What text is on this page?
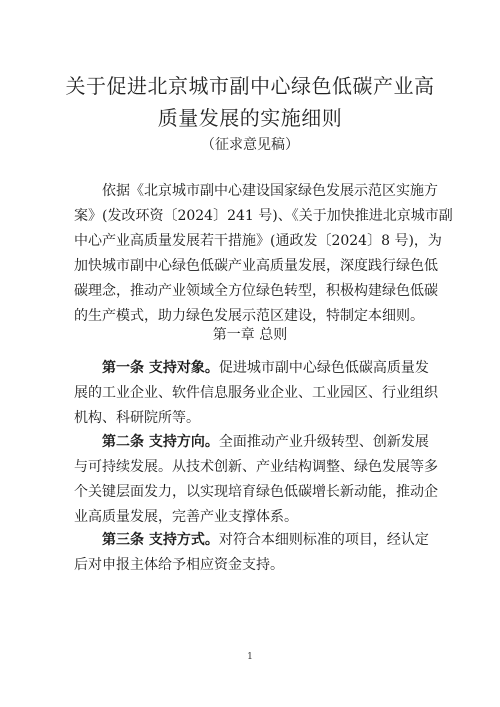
关于促进北京城市副中心绿色低碳产业高
质量发展的实施细则
（征求意见稿）
依据《北京城市副中心建设国家绿色发展示范区实施方
案》(发改环资〔2024〕241 号)、《关于加快推进北京城市副
中心产业高质量发展若干措施》(通政发〔2024〕8 号)，为
加快城市副中心绿色低碳产业高质量发展，深度践行绿色低
碳理念，推动产业领域全方位绿色转型，积极构建绿色低碳
的生产模式，助力绿色发展示范区建设，特制定本细则。
第一章 总则
第一条 支持对象。促进城市副中心绿色低碳高质量发
展的工业企业、软件信息服务业企业、工业园区、行业组织
机构、科研院所等。
第二条 支持方向。全面推动产业升级转型、创新发展
与可持续发展。从技术创新、产业结构调整、绿色发展等多
个关键层面发力，以实现培育绿色低碳增长新动能，推动企
业高质量发展，完善产业支撑体系。
第三条 支持方式。对符合本细则标准的项目，经认定
后对申报主体给予相应资金支持。
1
